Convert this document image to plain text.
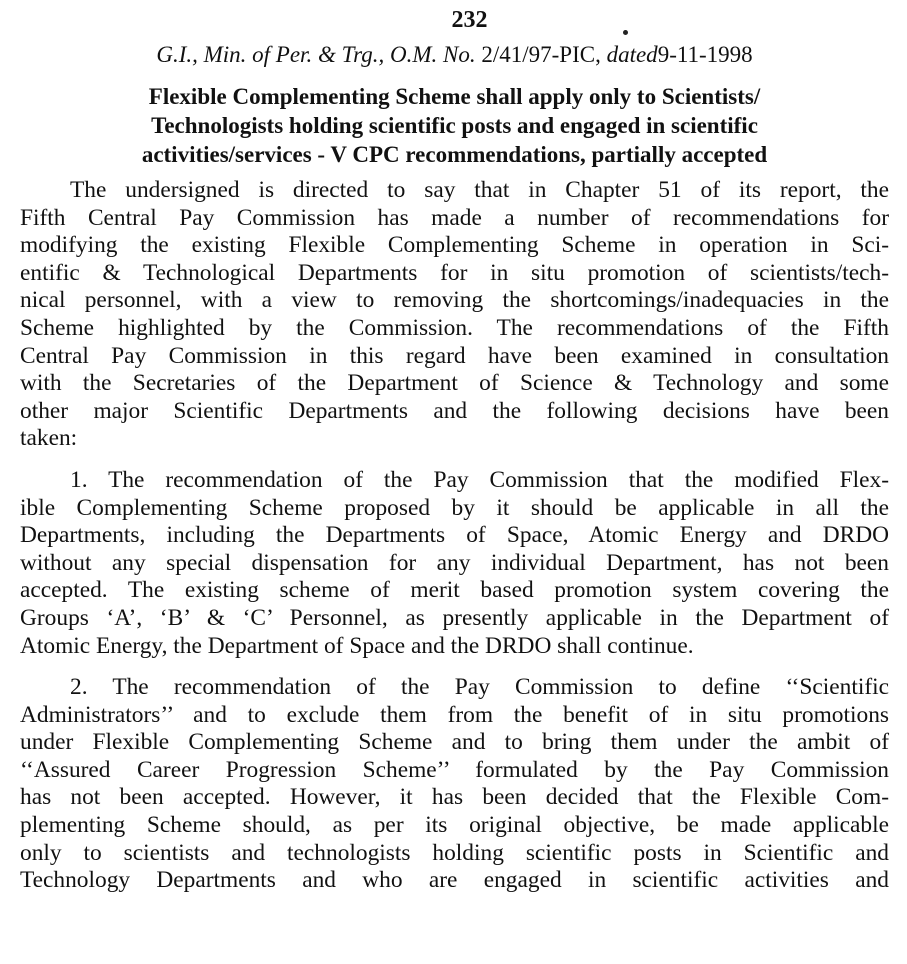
232
G.I., Min. of Per. & Trg., O.M. No. 2/41/97-PIC, dated9-11-1998
Flexible Complementing Scheme shall apply only to Scientists/
Technologists holding scientific posts and engaged in scientific
activities/services - V CPC recommendations, partially accepted
The undersigned is directed to say that in Chapter 51 of its report, the
Fifth Central Pay Commission has made a number of recommendations for
modifying the existing Flexible Complementing Scheme in operation in Sci-
entific & Technological Departments for in situ promotion of scientists/tech-
nical personnel, with a view to removing the shortcomings/inadequacies in the
Scheme highlighted by the Commission. The recommendations of the Fifth
Central Pay Commission in this regard have been examined in consultation
with the Secretaries of the Department of Science & Technology and some
other major Scientific Departments and the following decisions have been
taken:
1. The recommendation of the Pay Commission that the modified Flex-
ible Complementing Scheme proposed by it should be applicable in all the
Departments, including the Departments of Space, Atomic Energy and DRDO
without any special dispensation for any individual Department, has not been
accepted. The existing scheme of merit based promotion system covering the
Groups ‘A’, ‘B’ & ‘C’ Personnel, as presently applicable in the Department of
Atomic Energy, the Department of Space and the DRDO shall continue.
2. The recommendation of the Pay Commission to define ‘‘Scientific
Administrators’’ and to exclude them from the benefit of in situ promotions
under Flexible Complementing Scheme and to bring them under the ambit of
‘‘Assured Career Progression Scheme’’ formulated by the Pay Commission
has not been accepted. However, it has been decided that the Flexible Com-
plementing Scheme should, as per its original objective, be made applicable
only to scientists and technologists holding scientific posts in Scientific and
Technology Departments and who are engaged in scientific activities and
